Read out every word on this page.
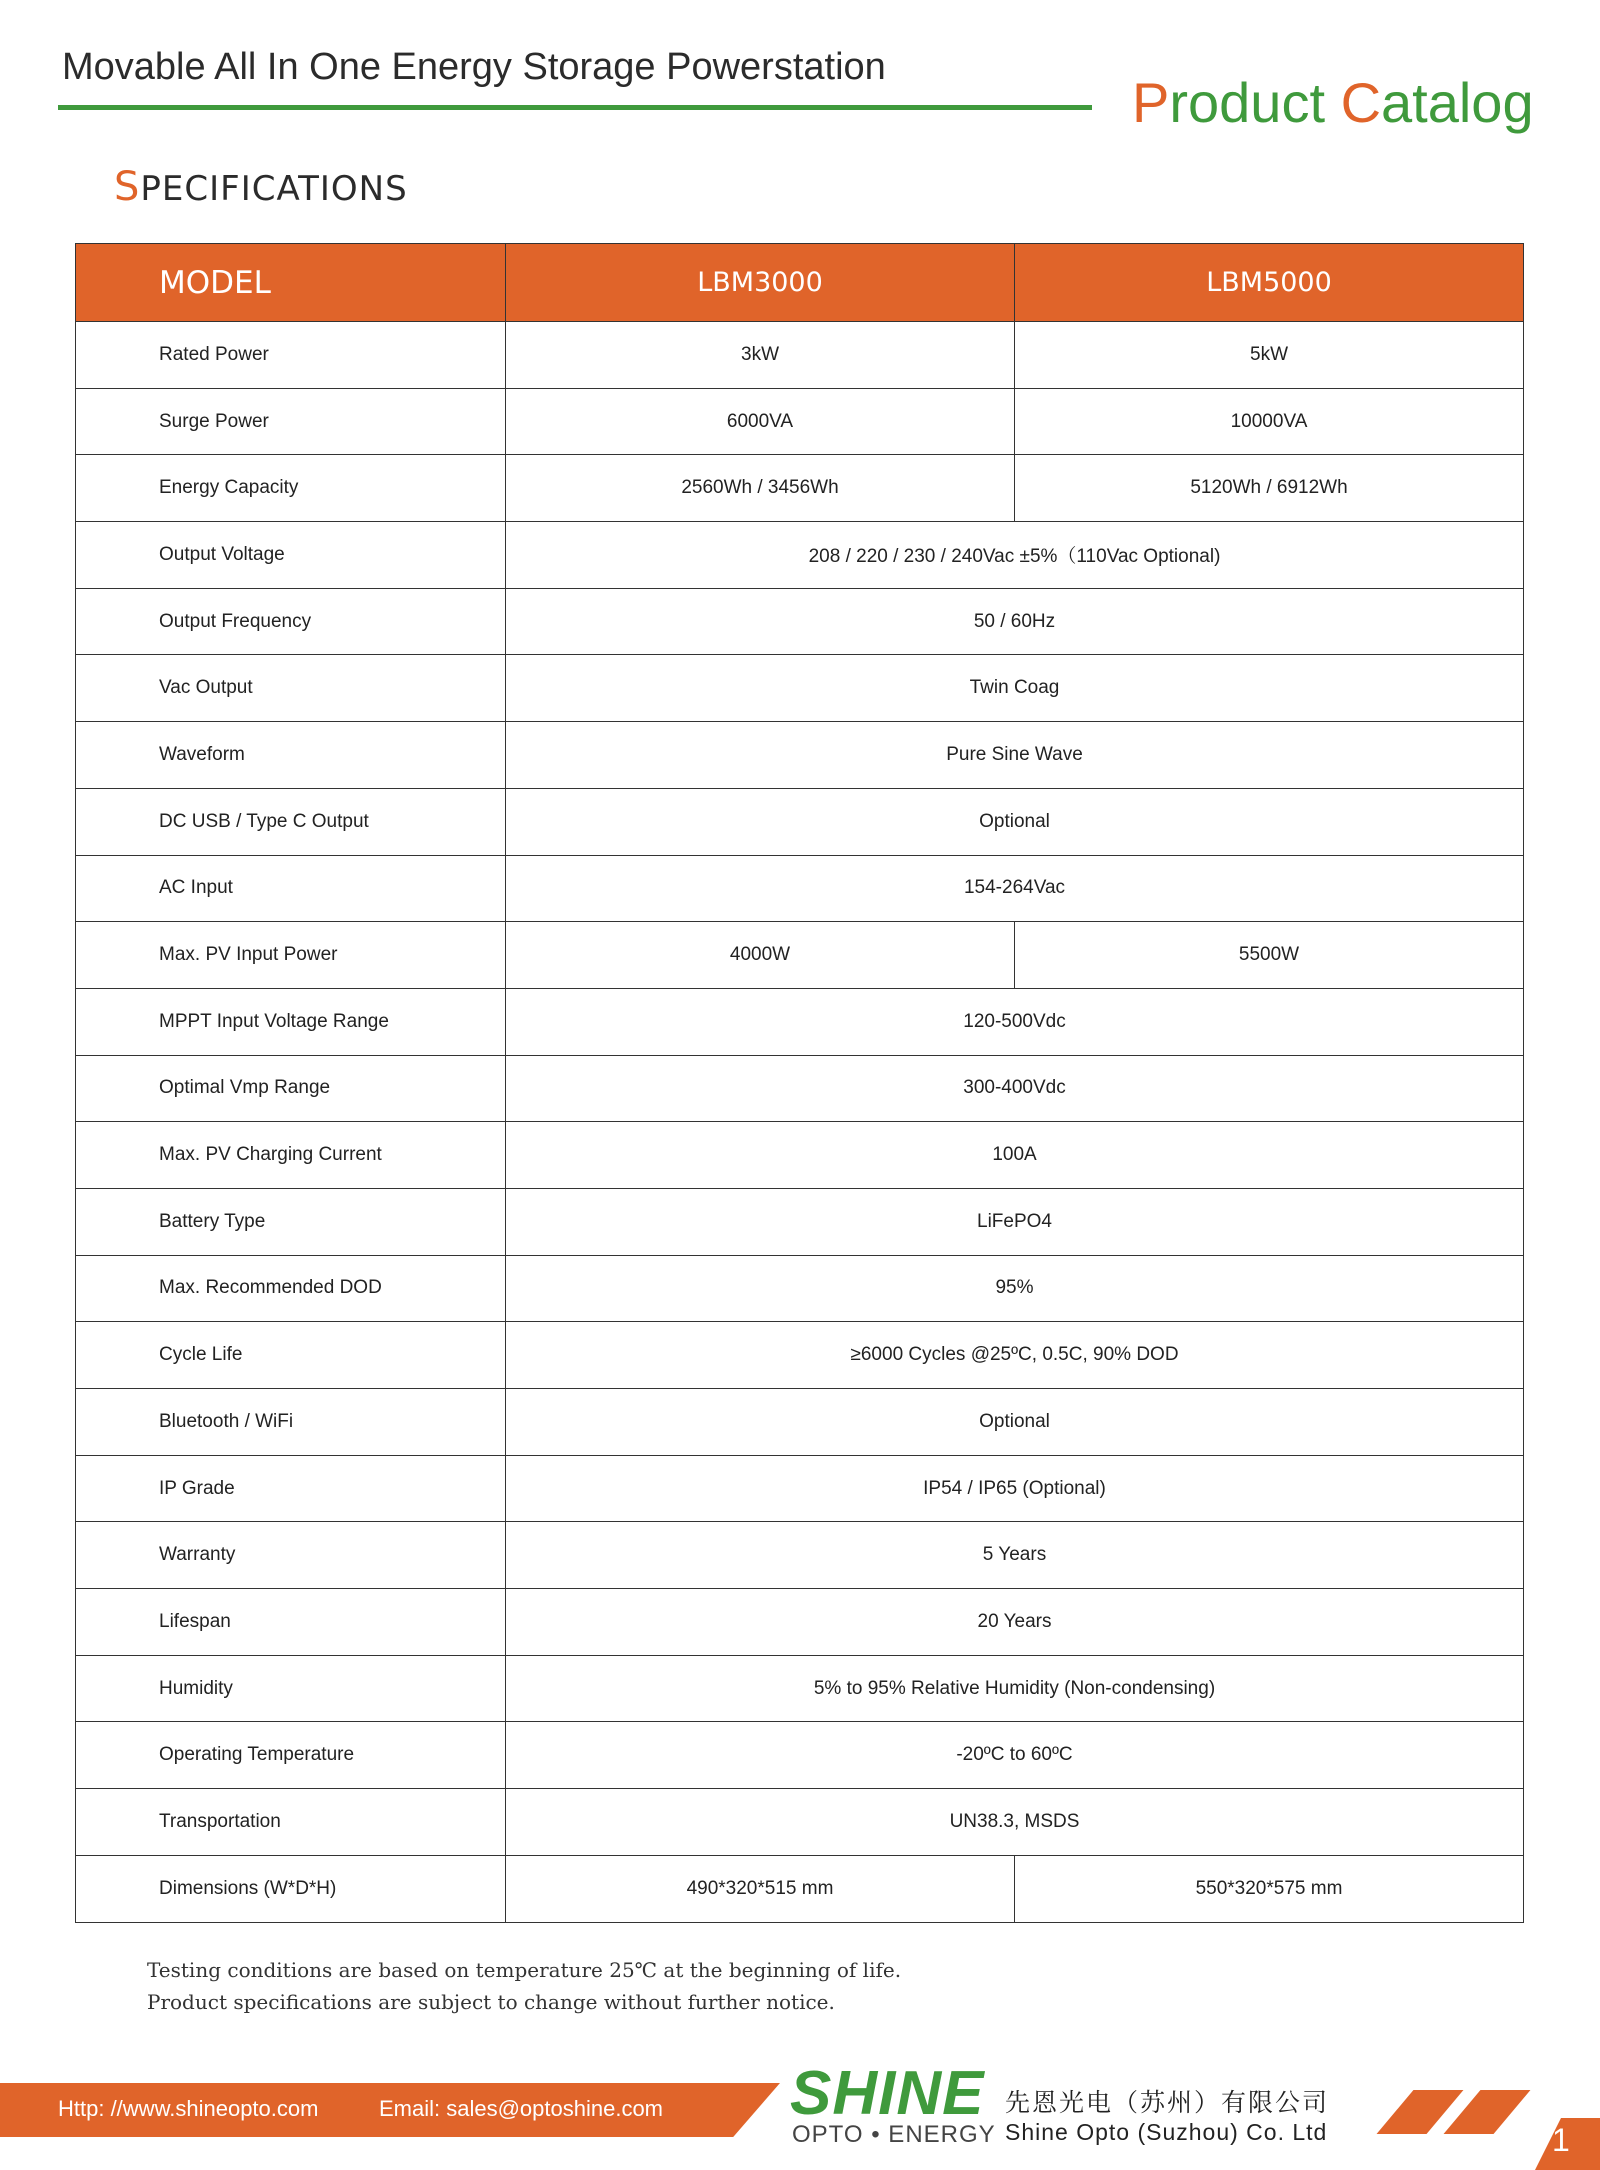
Movable All In One Energy Storage Powerstation
Product Catalog
SPECIFICATIONS
MODEL	LBM3000	LBM5000
Rated Power	3kW	5kW
Surge Power	6000VA	10000VA
Energy Capacity	2560Wh / 3456Wh	5120Wh / 6912Wh
Output Voltage	208 / 220 / 230 / 240Vac ±5%（110Vac Optional)	
Output Frequency	50 / 60Hz	
Vac Output	Twin Coag	
Waveform	Pure Sine Wave	
DC USB / Type C Output	Optional	
AC Input	154-264Vac	
Max. PV Input Power	4000W	5500W
MPPT Input Voltage Range	120-500Vdc	
Optimal Vmp Range	300-400Vdc	
Max. PV Charging Current	100A	
Battery Type	LiFePO4	
Max. Recommended DOD	95%	
Cycle Life	≥6000 Cycles @25ºC, 0.5C, 90% DOD	
Bluetooth / WiFi	Optional	
IP Grade	IP54 / IP65 (Optional)	
Warranty	5 Years	
Lifespan	20 Years	
Humidity	5% to 95% Relative Humidity (Non-condensing)	
Operating Temperature	-20ºC to 60ºC	
Transportation	UN38.3, MSDS	
Dimensions (W*D*H)	490*320*515 mm	550*320*575 mm
Testing conditions are based on temperature 25℃ at the beginning of life.
Product specifications are subject to change without further notice.
Http: //www.shineopto.com	Email: sales@optoshine.com SHINE
OPTO • ENERGY
先恩光电（苏州）有限公司
Shine Opto (Suzhou) Co. Ltd	1
